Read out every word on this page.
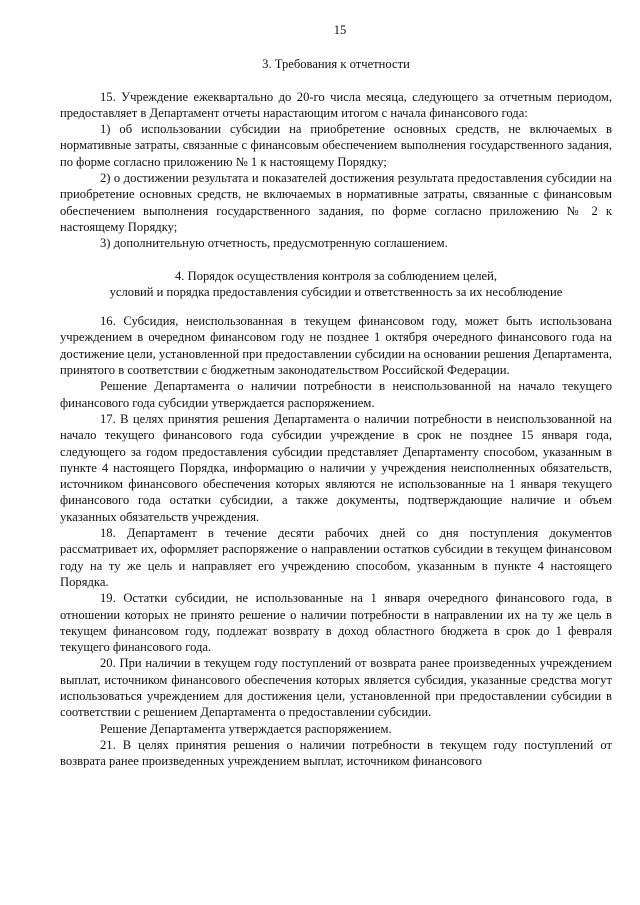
15
3. Требования к отчетности

15. Учреждение ежеквартально до 20-го числа месяца, следующего за отчетным периодом, предоставляет в Департамент отчеты нарастающим итогом с начала финансового года:

1) об использовании субсидии на приобретение основных средств, не включаемых в нормативные затраты, связанные с финансовым обеспечением выполнения государственного задания, по форме согласно приложению № 1 к настоящему Порядку;

2) о достижении результата и показателей достижения результата предоставления субсидии на приобретение основных средств, не включаемых в нормативные затраты, связанные с финансовым обеспечением выполнения государственного задания, по форме согласно приложению № 2 к настоящему Порядку;

3) дополнительную отчетность, предусмотренную соглашением.

4. Порядок осуществления контроля за соблюдением целей,
условий и порядка предоставления субсидии и ответственность за их несоблюдение

16. Субсидия, неиспользованная в текущем финансовом году, может быть использована учреждением в очередном финансовом году не позднее 1 октября очередного финансового года на достижение цели, установленной при предоставлении субсидии на основании решения Департамента, принятого в соответствии с бюджетным законодательством Российской Федерации.

Решение Департамента о наличии потребности в неиспользованной на начало текущего финансового года субсидии утверждается распоряжением.

17. В целях принятия решения Департамента о наличии потребности в неиспользованной на начало текущего финансового года субсидии учреждение в срок не позднее 15 января года, следующего за годом предоставления субсидии представляет Департаменту способом, указанным в пункте 4 настоящего Порядка, информацию о наличии у учреждения неисполненных обязательств, источником финансового обеспечения которых являются не использованные на 1 января текущего финансового года остатки субсидии, а также документы, подтверждающие наличие и объем указанных обязательств учреждения.

18. Департамент в течение десяти рабочих дней со дня поступления документов рассматривает их, оформляет распоряжение о направлении остатков субсидии в текущем финансовом году на ту же цель и направляет его учреждению способом, указанным в пункте 4 настоящего Порядка.

19. Остатки субсидии, не использованные на 1 января очередного финансового года, в отношении которых не принято решение о наличии потребности в направлении их на ту же цель в текущем финансовом году, подлежат возврату в доход областного бюджета в срок до 1 февраля текущего финансового года.

20. При наличии в текущем году поступлений от возврата ранее произведенных учреждением выплат, источником финансового обеспечения которых является субсидия, указанные средства могут использоваться учреждением для достижения цели, установленной при предоставлении субсидии в соответствии с решением Департамента о предоставлении субсидии.

Решение Департамента утверждается распоряжением.

21. В целях принятия решения о наличии потребности в текущем году поступлений от возврата ранее произведенных учреждением выплат, источником финансового
